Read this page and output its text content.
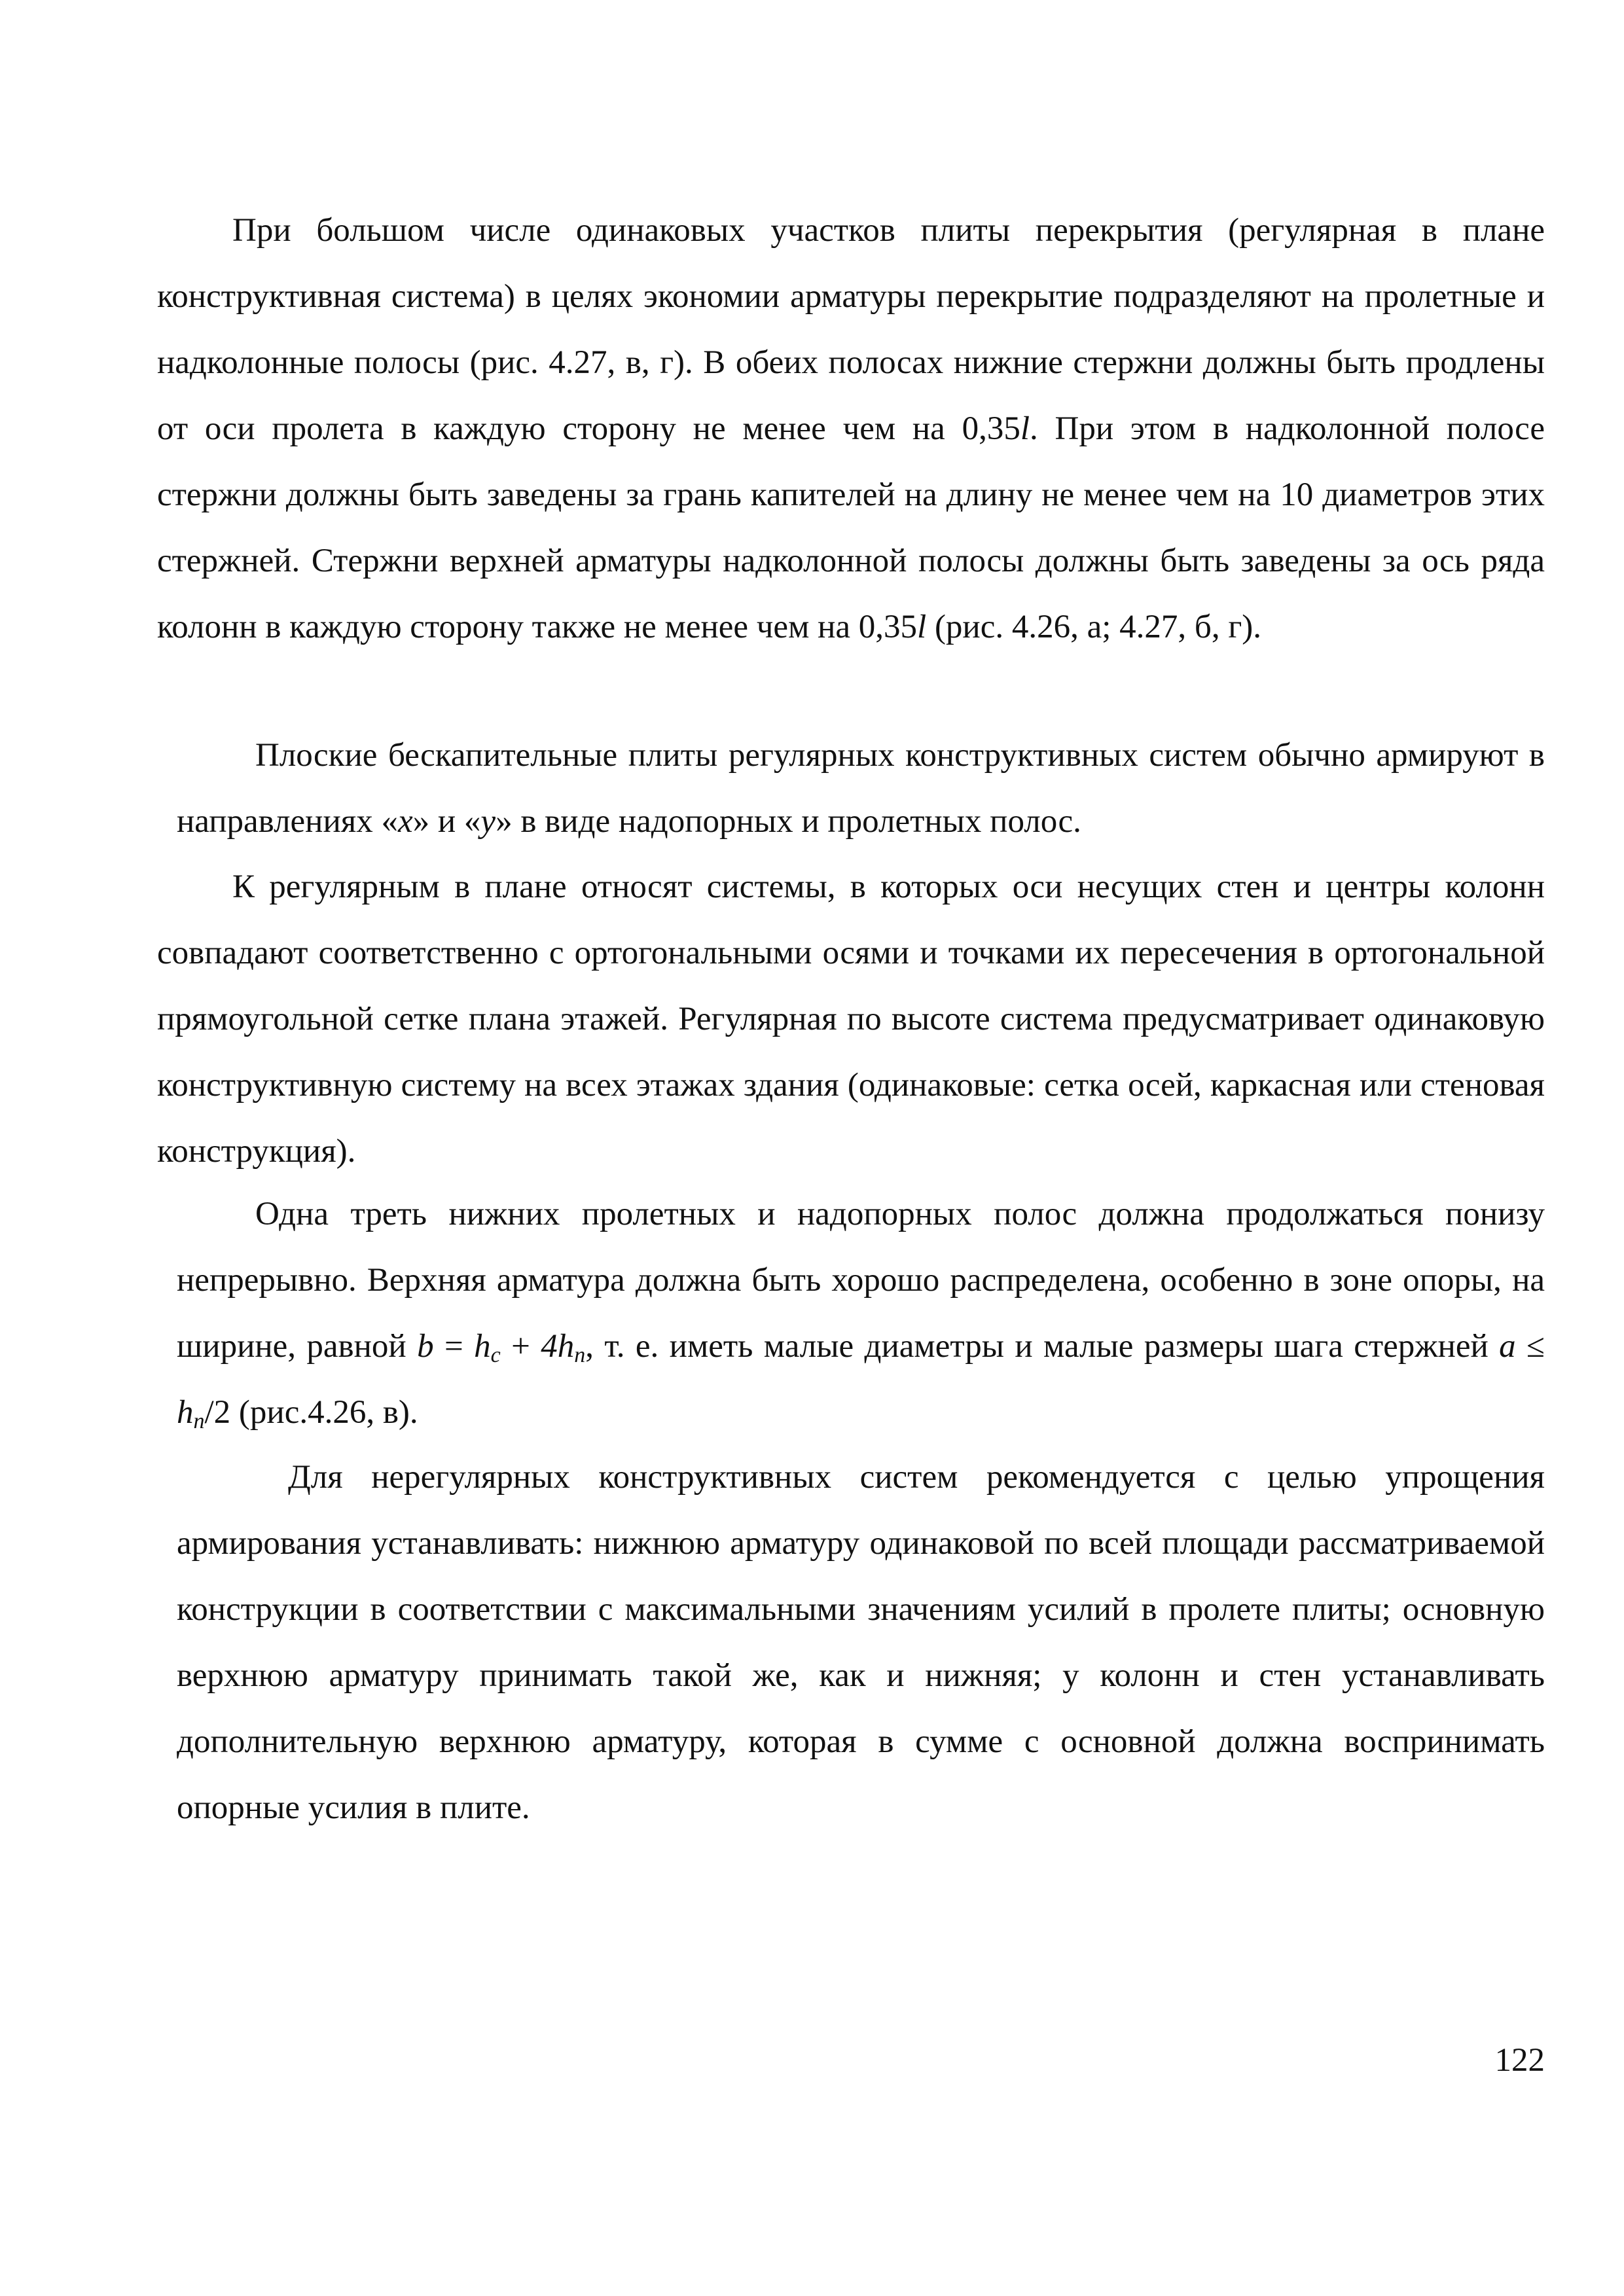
При большом числе одинаковых участков плиты перекрытия (регулярная в плане конструктивная система) в целях экономии арматуры перекрытие подразделяют на пролетные и надколонные полосы (рис. 4.27, в, г). В обеих полосах нижние стержни должны быть продлены от оси пролета в каждую сторону не менее чем на 0,35l. При этом в надколонной полосе стержни должны быть заведены за грань капителей на длину не менее чем на 10 диаметров этих стержней. Стержни верхней арматуры надколонной полосы должны быть заведены за ось ряда колонн в каждую сторону также не менее чем на 0,35l (рис. 4.26, а; 4.27, б, г).

Плоские бескапительные плиты регулярных конструктивных систем обычно армируют в направлениях «x» и «y» в виде надопорных и пролетных полос.

К регулярным в плане относят системы, в которых оси несущих стен и центры колонн совпадают соответственно с ортогональными осями и точками их пересечения в ортогональной прямоугольной сетке плана этажей. Регулярная по высоте система предусматривает одинаковую конструктивную систему на всех этажах здания (одинаковые: сетка осей, каркасная или стеновая конструкция).

Одна треть нижних пролетных и надопорных полос должна продолжаться понизу непрерывно. Верхняя арматура должна быть хорошо распределена, особенно в зоне опоры, на ширине, равной $b = h_c + 4h_n$, т. е. иметь малые диаметры и малые размеры шага стержней $a \le h_n/2$ (рис.4.26, в).

Для нерегулярных конструктивных систем рекомендуется с целью упрощения армирования устанавливать: нижнюю арматуру одинаковой по всей площади рассматриваемой конструкции в соответствии с максимальными значениям усилий в пролете плиты; основную верхнюю арматуру принимать такой же, как и нижняя; у колонн и стен устанавливать дополнительную верхнюю арматуру, которая в сумме с основной должна воспринимать опорные усилия в плите.

122
